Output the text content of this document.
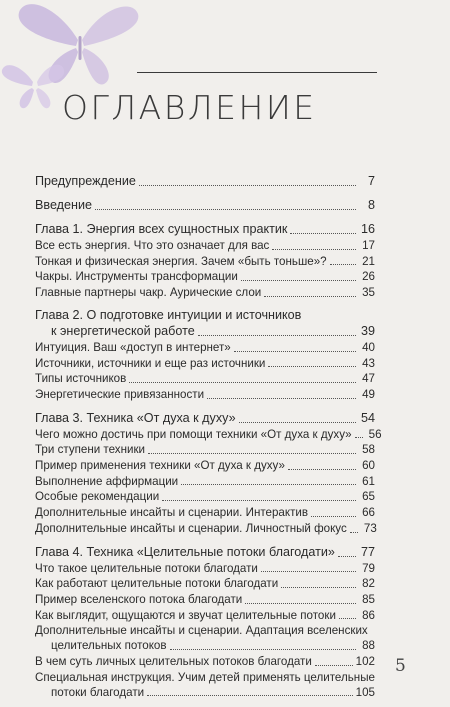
ОГЛАВЛЕНИЕ
Предупреждение	7
Введение	8
Глава 1. Энергия всех сущностных практик	16
Все есть энергия. Что это означает для вас	17
Тонкая и физическая энергия. Зачем «быть тоньше»?	21
Чакры. Инструменты трансформации	26
Главные партнеры чакр. Аурические слои	35
Глава 2. О подготовке интуиции и источников
к энергетической работе	39
Интуиция. Ваш «доступ в интернет»	40
Источники, источники и еще раз источники	43
Типы источников	47
Энергетические привязанности	49
Глава 3. Техника «От духа к духу»	54
Чего можно достичь при помощи техники «От духа к духу» 56
Три ступени техники	58
Пример применения техники «От духа к духу»	60
Выполнение аффирмации	61
Особые рекомендации	65
Дополнительные инсайты и сценарии. Интерактив	66
Дополнительные инсайты и сценарии. Личностный фокус 73
Глава 4. Техника «Целительные потоки благодати» 77
Что такое целительные потоки благодати	79
Как работают целительные потоки благодати	82
Пример вселенского потока благодати	85
Как выглядит, ощущаются и звучат целительные потоки 86
Дополнительные инсайты и сценарии. Адаптация вселенских
целительных потоков	88
В чем суть личных целительных потоков благодати	102
Специальная инструкция. Учим детей применять целительные
потоки благодати	105
5
